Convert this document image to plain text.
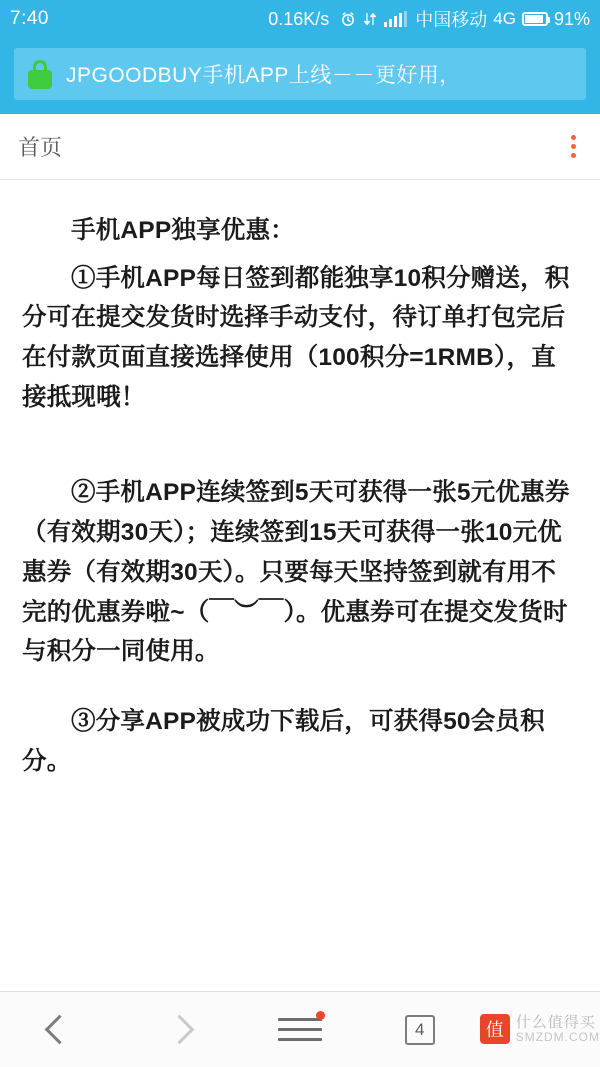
7:40	0.16K/s	中国移动 4G 91%
JPGOODBUY手机APP上线－－更好用，
首页

手机APP独享优惠：

①手机APP每日签到都能独享10积分赠送，积分可在提交发货时选择手动支付，待订单打包完后在付款页面直接选择使用（100积分=1RMB），直接抵现哦！

②手机APP连续签到5天可获得一张5元优惠券（有效期30天）；连续签到15天可获得一张10元优惠券（有效期30天）。只要每天坚持签到就有用不完的优惠券啦~（￣︶￣）。优惠券可在提交发货时与积分一同使用。

③分享APP被成功下载后，可获得50会员积分。

4	值 什么值得买
SMZDM.COM
